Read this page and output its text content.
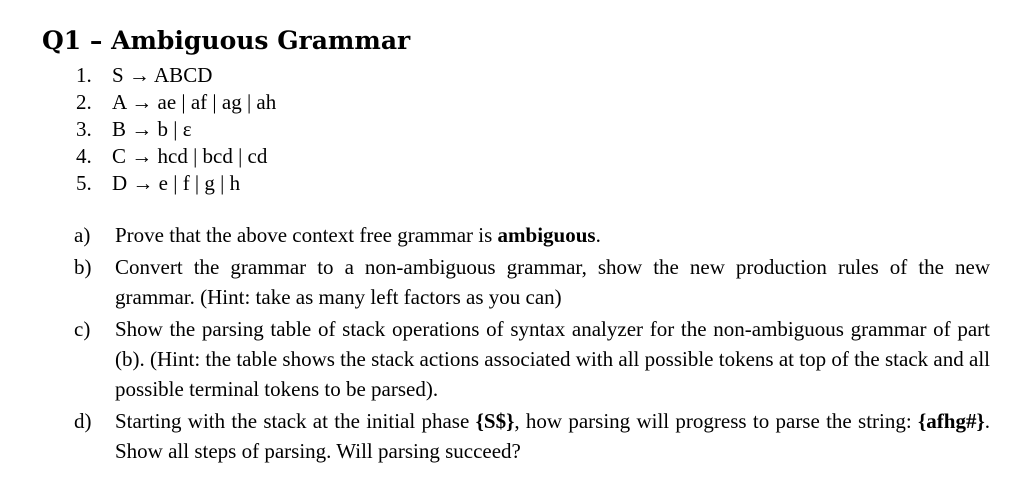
Q1 – Ambiguous Grammar
1. S → ABCD
2. A → ae | af | ag | ah
3. B → b | ε
4. C → hcd | bcd | cd
5. D → e | f | g | h
a) Prove that the above context free grammar is ambiguous.
b) Convert the grammar to a non-ambiguous grammar, show the new production rules of the new grammar. (Hint: take as many left factors as you can)
c) Show the parsing table of stack operations of syntax analyzer for the non-ambiguous grammar of part (b). (Hint: the table shows the stack actions associated with all possible tokens at top of the stack and all possible terminal tokens to be parsed).
d) Starting with the stack at the initial phase {S$}, how parsing will progress to parse the string: {afhg#}. Show all steps of parsing. Will parsing succeed?
